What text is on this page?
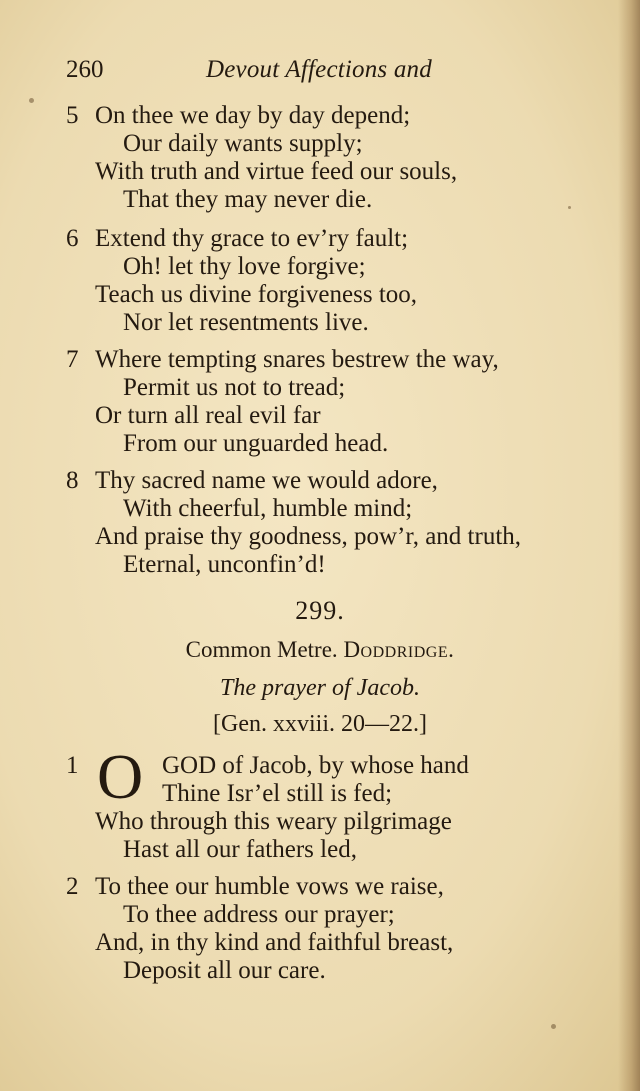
260	Devout Affections and
5 On thee we day by day depend;
Our daily wants supply;
With truth and virtue feed our souls,
That they may never die.
6 Extend thy grace to ev’ry fault;
Oh! let thy love forgive;
Teach us divine forgiveness too,
Nor let resentments live.
7 Where tempting snares bestrew the way,
Permit us not to tread;
Or turn all real evil far
From our unguarded head.
8 Thy sacred name we would adore,
With cheerful, humble mind;
And praise thy goodness, pow’r, and truth,
Eternal, unconfin’d!
299.
Common Metre. Doddridge.
The prayer of Jacob.
[Gen. xxviii. 20—22.]
O
1	GOD of Jacob, by whose hand
Thine Isr’el still is fed;
Who through this weary pilgrimage
Hast all our fathers led,
2 To thee our humble vows we raise,
To thee address our prayer;
And, in thy kind and faithful breast,
Deposit all our care.
